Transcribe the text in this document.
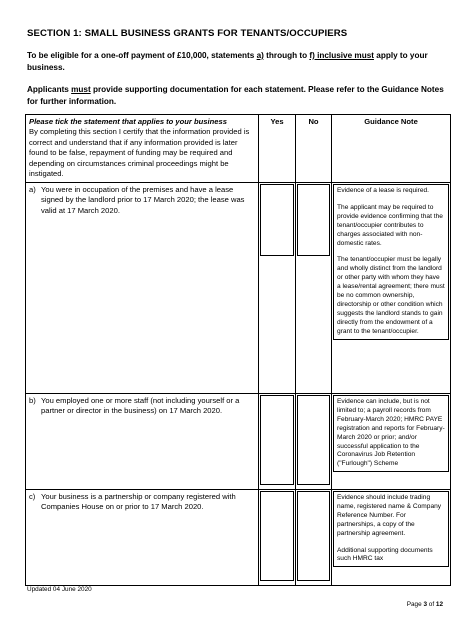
SECTION 1: SMALL BUSINESS GRANTS FOR TENANTS/OCCUPIERS
To be eligible for a one-off payment of £10,000, statements a) through to f) inclusive must apply to your business.
Applicants must provide supporting documentation for each statement. Please refer to the Guidance Notes for further information.
Please tick the statement that applies to your business
By completing this section I certify that the information provided is correct and understand that if any information provided is later found to be false, repayment of funding may be required and depending on circumstances criminal proceedings might be instigated.	Yes	No	Guidance Note
a) You were in occupation of the premises and have a lease signed by the landlord prior to 17 March 2020; the lease was valid at 17 March 2020.			Evidence of a lease is required.

The applicant may be required to provide evidence confirming that the tenant/occupier contributes to charges associated with non-domestic rates.

The tenant/occupier must be legally and wholly distinct from the landlord or other party with whom they have a lease/rental agreement; there must be no common ownership, directorship or other condition which suggests the landlord stands to gain directly from the endowment of a grant to the tenant/occupier.

b) You employed one or more staff (not including yourself or a partner or director in the business) on 17 March 2020.			Evidence can include, but is not limited to; a payroll records from February-March 2020; HMRC PAYE registration and reports for February-March 2020 or prior; and/or successful application to the Coronavirus Job Retention ("Furlough") Scheme

c) Your business is a partnership or company registered with Companies House on or prior to 17 March 2020.			Evidence should include trading name, registered name & Company Reference Number. For partnerships, a copy of the partnership agreement.

Additional supporting documents such HMRC tax

Updated 04 June 2020
Page 3 of 12
